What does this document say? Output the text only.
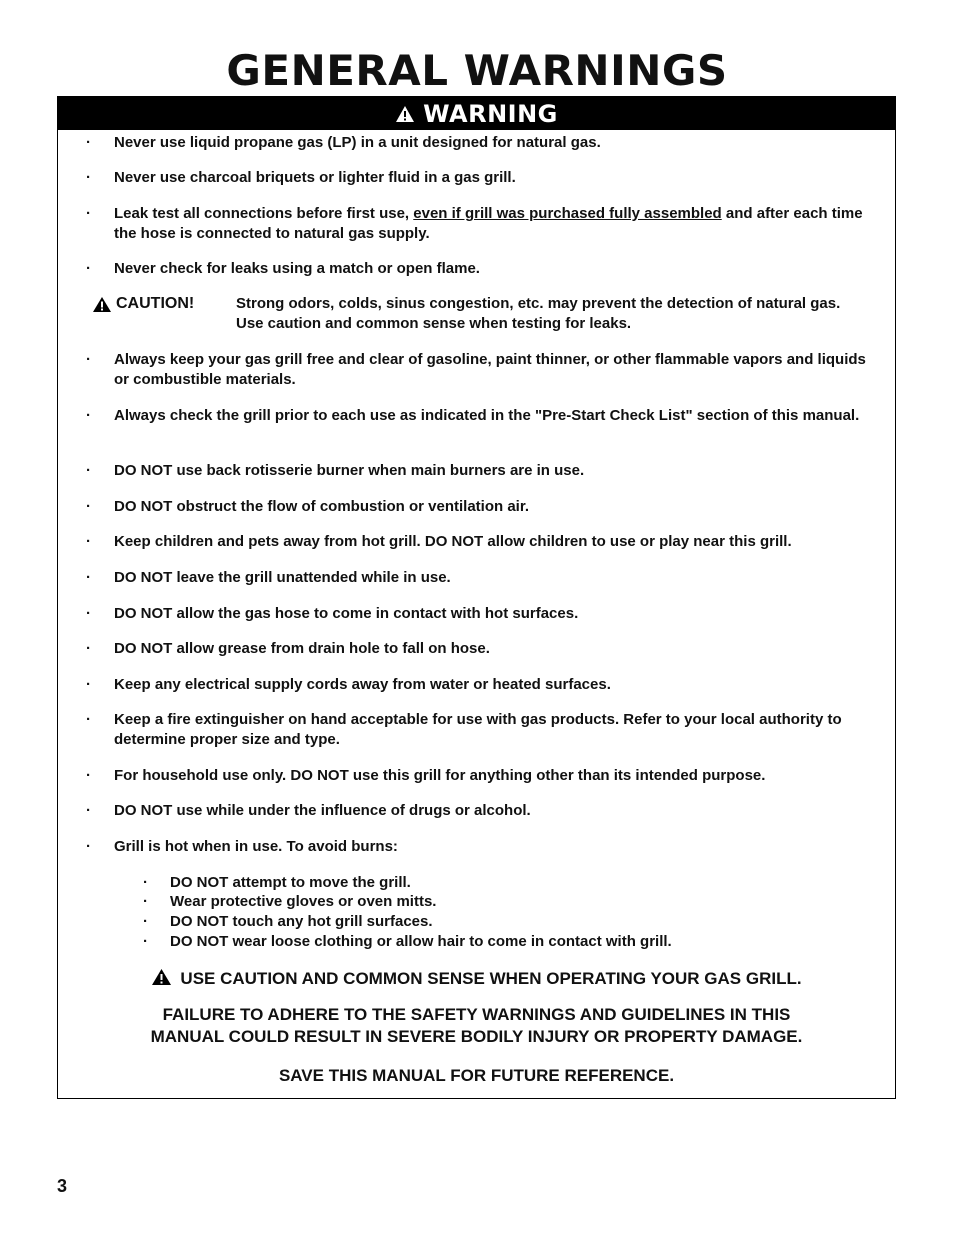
GENERAL WARNINGS
WARNING
·	Never use liquid propane gas (LP) in a unit designed for natural gas.
·	Never use charcoal briquets or lighter fluid in a gas grill.
·	Leak test all connections before first use, even if grill was purchased fully assembled and after each time the hose is connected to natural gas supply.
·	Never check for leaks using a match or open flame.
CAUTION!	Strong odors, colds, sinus congestion, etc. may prevent the detection of natural gas. Use caution and common sense when testing for leaks.
·	Always keep your gas grill free and clear of gasoline, paint thinner, or other flammable vapors and liquids or combustible materials.
·	Always check the grill prior to each use as indicated in the "Pre-Start Check List" section of this manual.
·	DO NOT use back rotisserie burner when main burners are in use.
·	DO NOT obstruct the flow of combustion or ventilation air.
·	Keep children and pets away from hot grill. DO NOT allow children to use or play near this grill.
·	DO NOT leave the grill unattended while in use.
·	DO NOT allow the gas hose to come in contact with hot surfaces.
·	DO NOT allow grease from drain hole to fall on hose.
·	Keep any electrical supply cords away from water or heated surfaces.
·	Keep a fire extinguisher on hand acceptable for use with gas products. Refer to your local authority to determine proper size and type.
·	For household use only. DO NOT use this grill for anything other than its intended purpose.
·	DO NOT use while under the influence of drugs or alcohol.
·	Grill is hot when in use. To avoid burns:
·	DO NOT attempt to move the grill.
·	Wear protective gloves or oven mitts.
·	DO NOT touch any hot grill surfaces.
·	DO NOT wear loose clothing or allow hair to come in contact with grill.
USE CAUTION AND COMMON SENSE WHEN OPERATING YOUR GAS GRILL.
FAILURE TO ADHERE TO THE SAFETY WARNINGS AND GUIDELINES IN THIS
MANUAL COULD RESULT IN SEVERE BODILY INJURY OR PROPERTY DAMAGE.
SAVE THIS MANUAL FOR FUTURE REFERENCE.
3
